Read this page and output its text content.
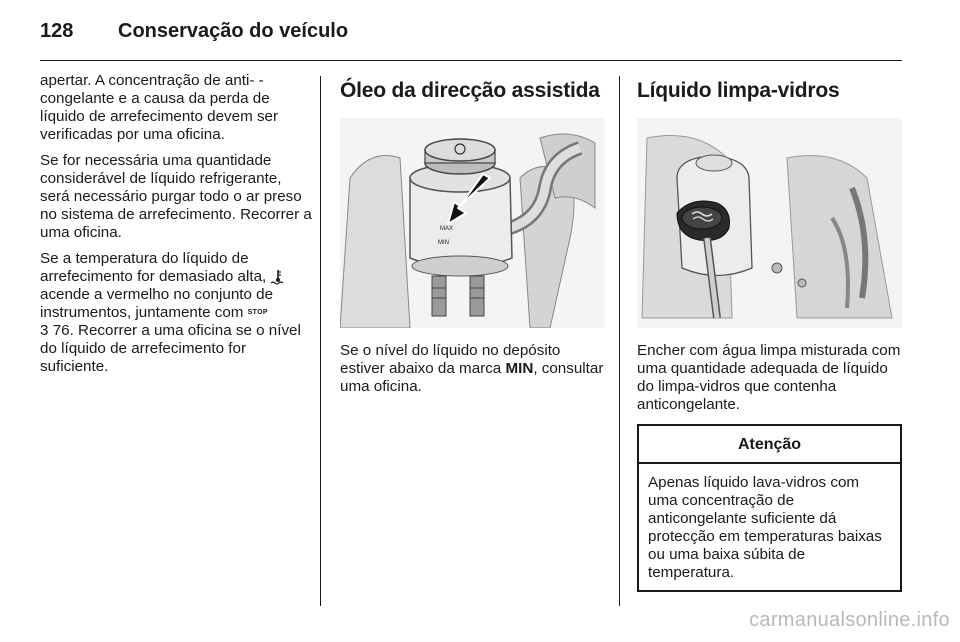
128 Conservação do veículo

apertar. A concentração de anti- -congelante e a causa da perda de líquido de arrefecimento devem ser verificadas por uma oficina.

Se for necessária uma quantidade considerável de líquido refrigerante, será necessário purgar todo o ar preso no sistema de arrefecimento. Recorrer a uma oficina.

Se a temperatura do líquido de arrefecimento for demasiado alta,  acende a vermelho no conjunto de instrumentos, juntamente com STOP
3 76. Recorrer a uma oficina se o nível do líquido de arrefecimento for suficiente.

Óleo da direcção assistida
MAX
MIN

Se o nível do líquido no depósito estiver abaixo da marca MIN, consultar uma oficina.

Líquido limpa-vidros

Encher com água limpa misturada com uma quantidade adequada de líquido do limpa-vidros que contenha anticongelante.

Atenção
Apenas líquido lava-vidros com uma concentração de anticongelante suficiente dá protecção em temperaturas baixas ou uma baixa súbita de temperatura.
carmanualsonline.info
